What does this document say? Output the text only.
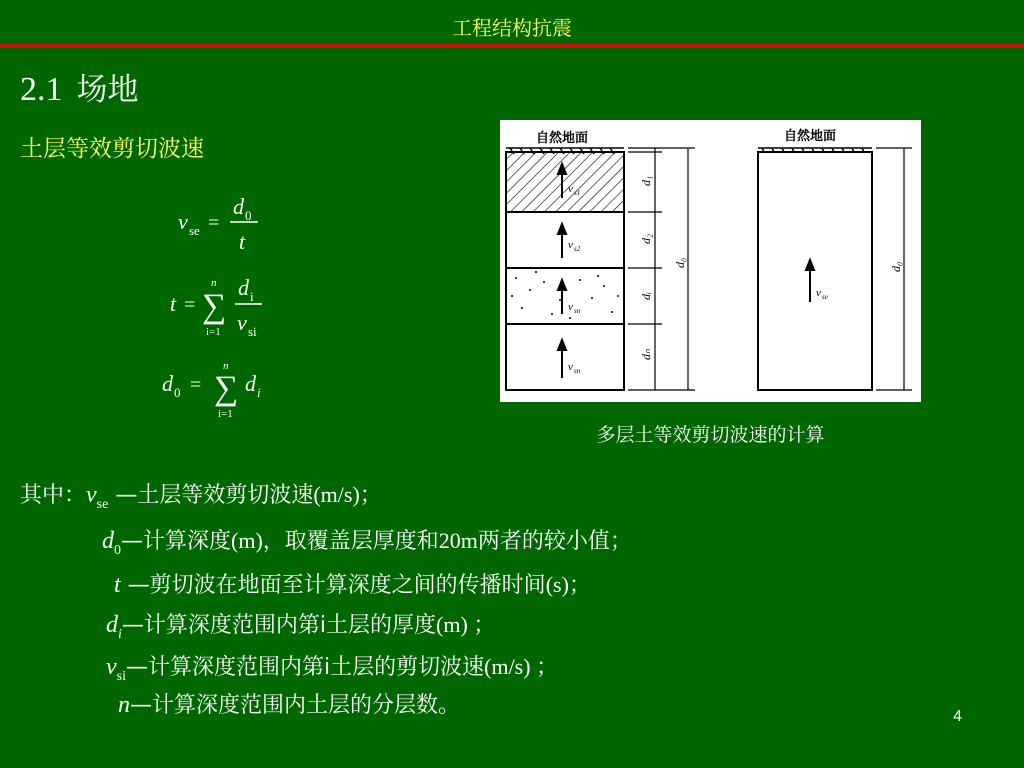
工程结构抗震
2.1 场地
土层等效剪切波速
v se =
d 0
t
t =
n
∑
i=1
d i
v si
d 0 =
n
∑
i=1
d i
自然地面
v s1
v s2
v sn
v sn
d₁
d₂
dᵢ
dₙ
d₀
自然地面
v se
d₀
多层土等效剪切波速的计算
其中：$v_{se}$ —土层等效剪切波速(m/s)；
$d_0—$计算深度(m)，取覆盖层厚度和20m两者的较小值；
t —剪切波在地面至计算深度之间的传播时间(s)；
$d_i—$计算深度范围内第i土层的厚度(m) ；
$v_{si}—$计算深度范围内第i土层的剪切波速(m/s) ；
n—计算深度范围内土层的分层数。	4
